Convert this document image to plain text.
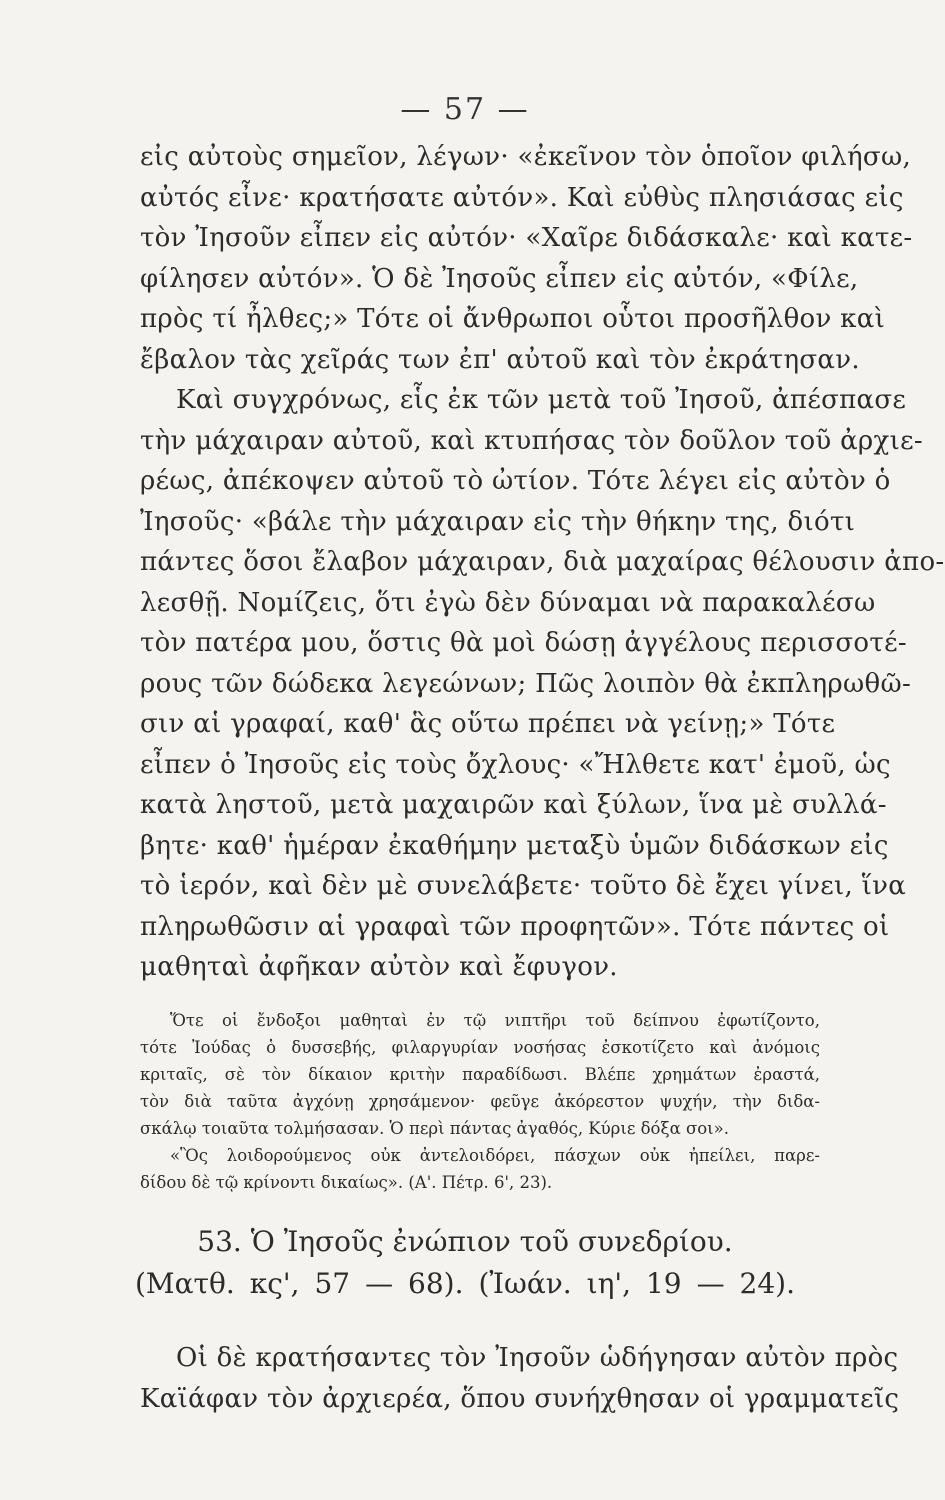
— 57 —
εἰς αὐτοὺς σημεῖον, λέγων· «ἐκεῖνον τὸν ὁποῖον φιλήσω,
αὐτός εἶνε· κρατήσατε αὐτόν». Καὶ εὐθὺς πλησιάσας εἰς
τὸν Ἰησοῦν εἶπεν εἰς αὐτόν· «Χαῖρε διδάσκαλε· καὶ κατε-
φίλησεν αὐτόν». Ὁ δὲ Ἰησοῦς εἶπεν εἰς αὐτόν, «Φίλε,
πρὸς τί ἦλθες;» Τότε οἱ ἄνθρωποι οὗτοι προσῆλθον καὶ
ἔβαλον τὰς χεῖράς των ἐπ' αὐτοῦ καὶ τὸν ἐκράτησαν.
Καὶ συγχρόνως, εἷς ἐκ τῶν μετὰ τοῦ Ἰησοῦ, ἀπέσπασε
τὴν μάχαιραν αὐτοῦ, καὶ κτυπήσας τὸν δοῦλον τοῦ ἀρχιε-
ρέως, ἀπέκοψεν αὐτοῦ τὸ ὠτίον. Τότε λέγει εἰς αὐτὸν ὁ
Ἰησοῦς· «βάλε τὴν μάχαιραν εἰς τὴν θήκην της, διότι
πάντες ὅσοι ἔλαβον μάχαιραν, διὰ μαχαίρας θέλουσιν ἀπο-
λεσθῇ. Νομίζεις, ὅτι ἐγὼ δὲν δύναμαι νὰ παρακαλέσω
τὸν πατέρα μου, ὅστις θὰ μοὶ δώσῃ ἀγγέλους περισσοτέ-
ρους τῶν δώδεκα λεγεώνων; Πῶς λοιπὸν θὰ ἐκπληρωθῶ-
σιν αἱ γραφαί, καθ' ἃς οὕτω πρέπει νὰ γείνῃ;» Τότε
εἶπεν ὁ Ἰησοῦς εἰς τοὺς ὄχλους· «Ἤλθετε κατ' ἐμοῦ, ὡς
κατὰ ληστοῦ, μετὰ μαχαιρῶν καὶ ξύλων, ἵνα μὲ συλλά-
βητε· καθ' ἡμέραν ἐκαθήμην μεταξὺ ὑμῶν διδάσκων εἰς
τὸ ἱερόν, καὶ δὲν μὲ συνελάβετε· τοῦτο δὲ ἔχει γίνει, ἵνα
πληρωθῶσιν αἱ γραφαὶ τῶν προφητῶν». Τότε πάντες οἱ
μαθηταὶ ἀφῆκαν αὐτὸν καὶ ἔφυγον.
Ὅτε οἱ ἔνδοξοι μαθηταὶ ἐν τῷ νιπτῆρι τοῦ δείπνου ἐφωτίζοντο,
τότε Ἰούδας ὁ δυσσεβής, φιλαργυρίαν νοσήσας ἐσκοτίζετο καὶ ἀνόμοις
κριταῖς, σὲ τὸν δίκαιον κριτὴν παραδίδωσι. Βλέπε χρημάτων ἐραστά,
τὸν διὰ ταῦτα ἀγχόνῃ χρησάμενον· φεῦγε ἀκόρεστον ψυχήν, τὴν διδα-
σκάλῳ τοιαῦτα τολμήσασαν. Ὁ περὶ πάντας ἀγαθός, Κύριε δόξα σοι».
«Ὃς λοιδορούμενος οὐκ ἀντελοιδόρει, πάσχων οὐκ ἠπείλει, παρε-
δίδου δὲ τῷ κρίνοντι δικαίως». (Α'. Πέτρ. 6', 23).
53. Ὁ Ἰησοῦς ἐνώπιον τοῦ συνεδρίου.
(Ματθ. κς', 57 — 68). (Ἰωάν. ιη', 19 — 24).
Οἱ δὲ κρατήσαντες τὸν Ἰησοῦν ὡδήγησαν αὐτὸν πρὸς
Καϊάφαν τὸν ἀρχιερέα, ὅπου συνήχθησαν οἱ γραμματεῖς
